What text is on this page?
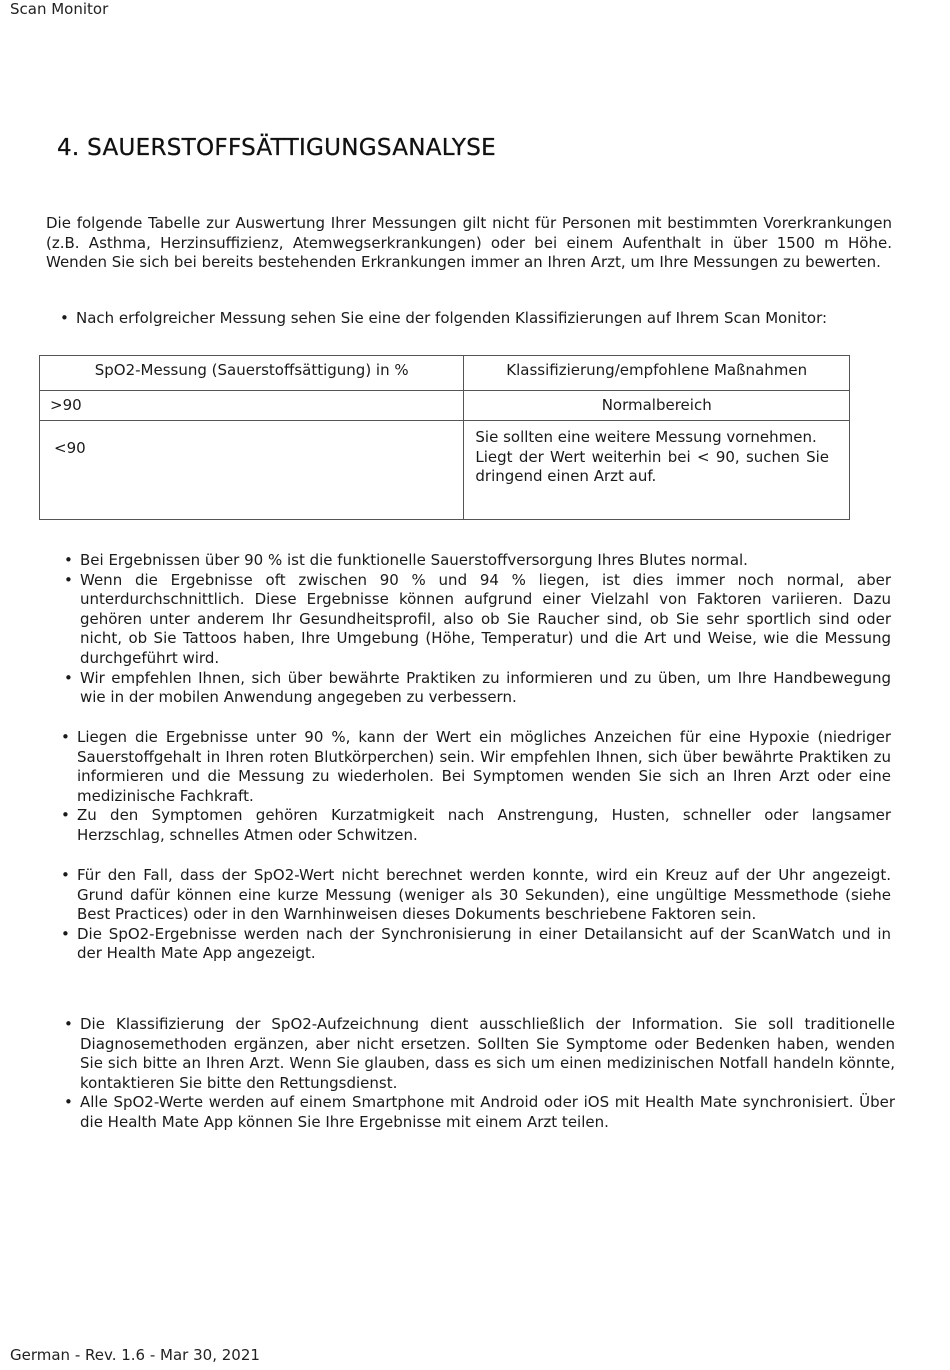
Scan Monitor
4. SAUERSTOFFSÄTTIGUNGSANALYSE

Die folgende Tabelle zur Auswertung Ihrer Messungen gilt nicht für Personen mit bestimmten Vorerkrankungen (z.B. Asthma, Herzinsuffizienz, Atemwegserkrankungen) oder bei einem Aufenthalt in über 1500 m Höhe. Wenden Sie sich bei bereits bestehenden Erkrankungen immer an Ihren Arzt, um Ihre Messungen zu bewerten.

• Nach erfolgreicher Messung sehen Sie eine der folgenden Klassifizierungen auf Ihrem Scan Monitor:
SpO2-Messung (Sauerstoffsättigung) in %	Klassifizierung/empfohlene Maßnahmen
>90	Normalbereich
<90	Sie sollten eine weitere Messung vornehmen.
Liegt der Wert weiterhin bei < 90, suchen Sie dringend einen Arzt auf.
• Bei Ergebnissen über 90 % ist die funktionelle Sauerstoffversorgung Ihres Blutes normal.
• Wenn die Ergebnisse oft zwischen 90 % und 94 % liegen, ist dies immer noch normal, aber unterdurchschnittlich. Diese Ergebnisse können aufgrund einer Vielzahl von Faktoren variieren. Dazu gehören unter anderem Ihr Gesundheitsprofil, also ob Sie Raucher sind, ob Sie sehr sportlich sind oder nicht, ob Sie Tattoos haben, Ihre Umgebung (Höhe, Temperatur) und die Art und Weise, wie die Messung durchgeführt wird.
• Wir empfehlen Ihnen, sich über bewährte Praktiken zu informieren und zu üben, um Ihre Handbewegung wie in der mobilen Anwendung angegeben zu verbessern.
• Liegen die Ergebnisse unter 90 %, kann der Wert ein mögliches Anzeichen für eine Hypoxie (niedriger Sauerstoffgehalt in Ihren roten Blutkörperchen) sein. Wir empfehlen Ihnen, sich über bewährte Praktiken zu informieren und die Messung zu wiederholen. Bei Symptomen wenden Sie sich an Ihren Arzt oder eine medizinische Fachkraft.
• Zu den Symptomen gehören Kurzatmigkeit nach Anstrengung, Husten, schneller oder langsamer Herzschlag, schnelles Atmen oder Schwitzen.
• Für den Fall, dass der SpO2-Wert nicht berechnet werden konnte, wird ein Kreuz auf der Uhr angezeigt. Grund dafür können eine kurze Messung (weniger als 30 Sekunden), eine ungültige Messmethode (siehe Best Practices) oder in den Warnhinweisen dieses Dokuments beschriebene Faktoren sein.
• Die SpO2-Ergebnisse werden nach der Synchronisierung in einer Detailansicht auf der ScanWatch und in der Health Mate App angezeigt.
• Die Klassifizierung der SpO2-Aufzeichnung dient ausschließlich der Information. Sie soll traditionelle Diagnosemethoden ergänzen, aber nicht ersetzen. Sollten Sie Symptome oder Bedenken haben, wenden Sie sich bitte an Ihren Arzt. Wenn Sie glauben, dass es sich um einen medizinischen Notfall handeln könnte, kontaktieren Sie bitte den Rettungsdienst.
• Alle SpO2-Werte werden auf einem Smartphone mit Android oder iOS mit Health Mate synchronisiert. Über die Health Mate App können Sie Ihre Ergebnisse mit einem Arzt teilen.
German - Rev. 1.6 - Mar 30, 2021
